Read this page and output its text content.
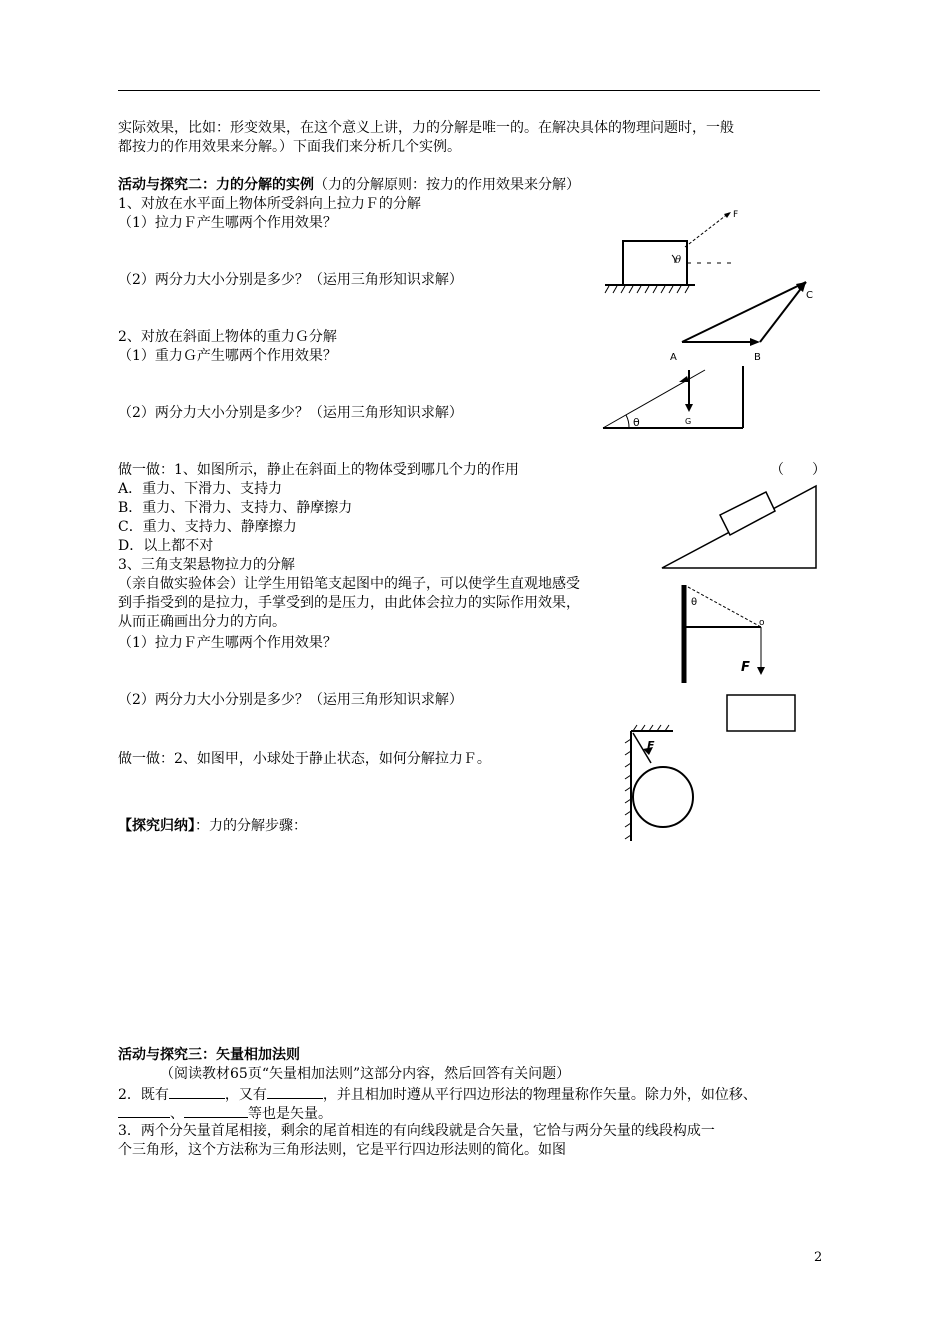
实际效果，比如：形变效果，在这个意义上讲，力的分解是唯一的。在解决具体的物理问题时，一般
都按力的作用效果来分解。）下面我们来分析几个实例。
活动与探究二：力的分解的实例（力的分解原则：按力的作用效果来分解）
1、对放在水平面上物体所受斜向上拉力Ｆ的分解
（1）拉力Ｆ产生哪两个作用效果？
（2）两分力大小分别是多少？（运用三角形知识求解）
2、对放在斜面上物体的重力Ｇ分解
（1）重力Ｇ产生哪两个作用效果？
（2）两分力大小分别是多少？（运用三角形知识求解）
做一做：1、如图所示，静止在斜面上的物体受到哪几个力的作用	（　　）
A．重力、下滑力、支持力
B．重力、下滑力、支持力、静摩擦力
C．重力、支持力、静摩擦力
D．以上都不对
3、三角支架悬物拉力的分解
（亲自做实验体会）让学生用铅笔支起图中的绳子，可以使学生直观地感受
到手指受到的是拉力，手掌受到的是压力，由此体会拉力的实际作用效果，
从而正确画出分力的方向。
（1）拉力Ｆ产生哪两个作用效果？
（2）两分力大小分别是多少？（运用三角形知识求解）
做一做：2、如图甲，小球处于静止状态，如何分解拉力Ｆ。
【探究归纳】：力的分解步骤：
活动与探究三：矢量相加法则
（阅读教材65页“矢量相加法则”这部分内容，然后回答有关问题）
2．既有	，又有	，并且相加时遵从平行四边形法的物理量称作矢量。除力外，如位移、
、	等也是矢量。
3．两个分矢量首尾相接，剩余的尾首相连的有向线段就是合矢量，它恰与两分矢量的线段构成一
个三角形，这个方法称为三角形法则，它是平行四边形法则的简化。如图
F
θ
A	B
C
θ	G
θ
o
F
F
2
